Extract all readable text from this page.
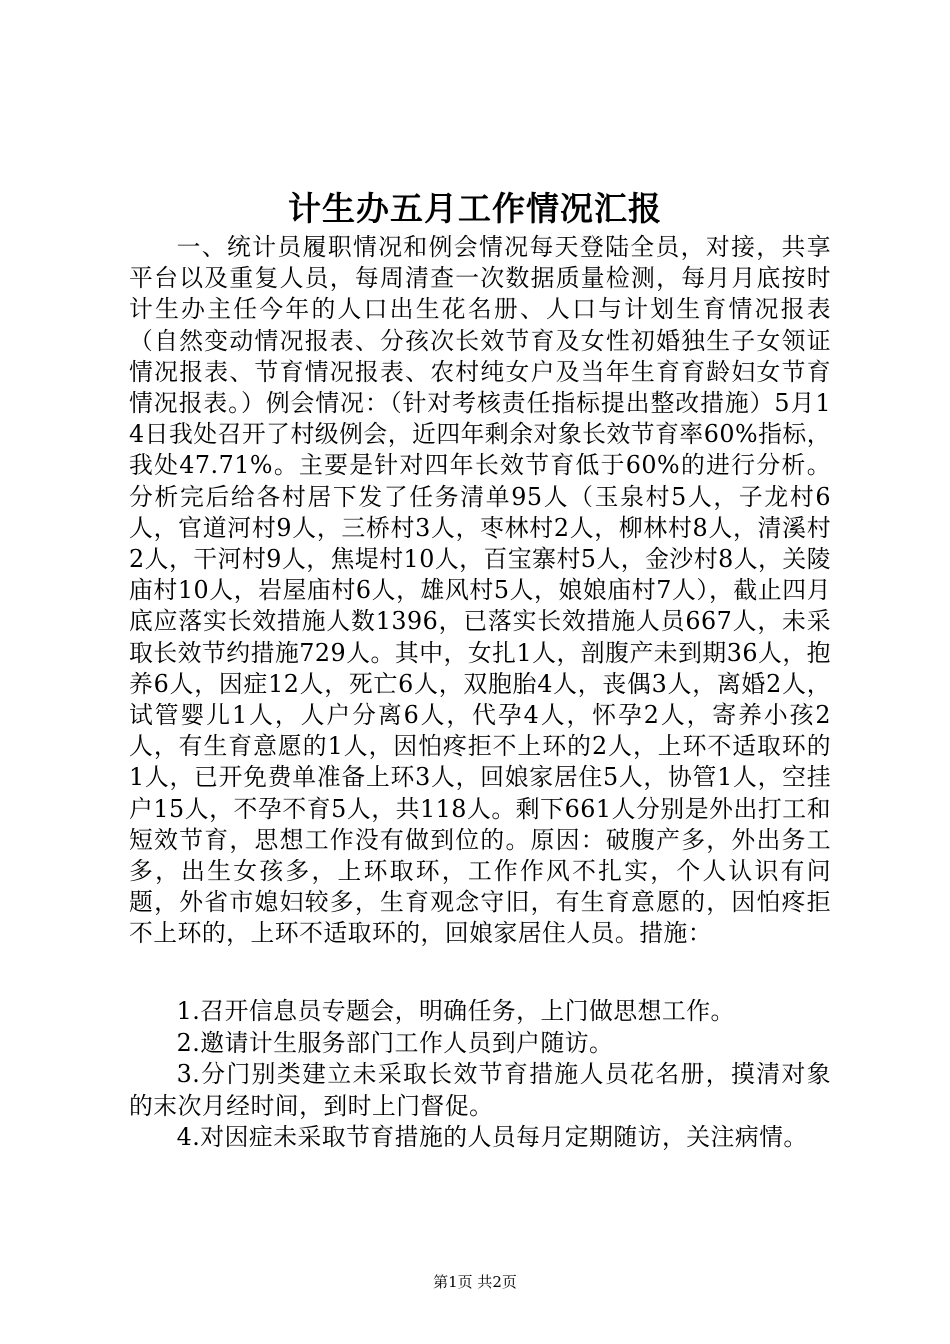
计生办五月工作情况汇报

一、统计员履职情况和例会情况每天登陆全员，对接，共享平台以及重复人员，每周清查一次数据质量检测，每月月底按时计生办主任今年的人口出生花名册、人口与计划生育情况报表（自然变动情况报表、分孩次长效节育及女性初婚独生子女领证情况报表、节育情况报表、农村纯女户及当年生育育龄妇女节育情况报表。）例会情况：（针对考核责任指标提出整改措施）5月14日我处召开了村级例会，近四年剩余对象长效节育率60%指标，我处47.71%。主要是针对四年长效节育低于60%的进行分析。分析完后给各村居下发了任务清单95人（玉泉村5人，子龙村6人，官道河村9人，三桥村3人，枣林村2人，柳林村8人，清溪村2人，干河村9人，焦堤村10人，百宝寨村5人，金沙村8人，关陵庙村10人，岩屋庙村6人，雄风村5人，娘娘庙村7人），截止四月底应落实长效措施人数1396，已落实长效措施人员667人，未采取长效节约措施729人。其中，女扎1人，剖腹产未到期36人，抱养6人，因症12人，死亡6人，双胞胎4人，丧偶3人，离婚2人，试管婴儿1人，人户分离6人，代孕4人，怀孕2人，寄养小孩2人，有生育意愿的1人，因怕疼拒不上环的2人，上环不适取环的1人，已开免费单准备上环3人，回娘家居住5人，协管1人，空挂户15人，不孕不育5人，共118人。剩下661人分别是外出打工和短效节育，思想工作没有做到位的。原因：破腹产多，外出务工多，出生女孩多，上环取环，工作作风不扎实，个人认识有问题，外省市媳妇较多，生育观念守旧，有生育意愿的，因怕疼拒不上环的，上环不适取环的，回娘家居住人员。措施：

1.召开信息员专题会，明确任务，上门做思想工作。
2.邀请计生服务部门工作人员到户随访。
3.分门别类建立未采取长效节育措施人员花名册，摸清对象的末次月经时间，到时上门督促。
4.对因症未采取节育措施的人员每月定期随访，关注病情。
第1页 共2页
